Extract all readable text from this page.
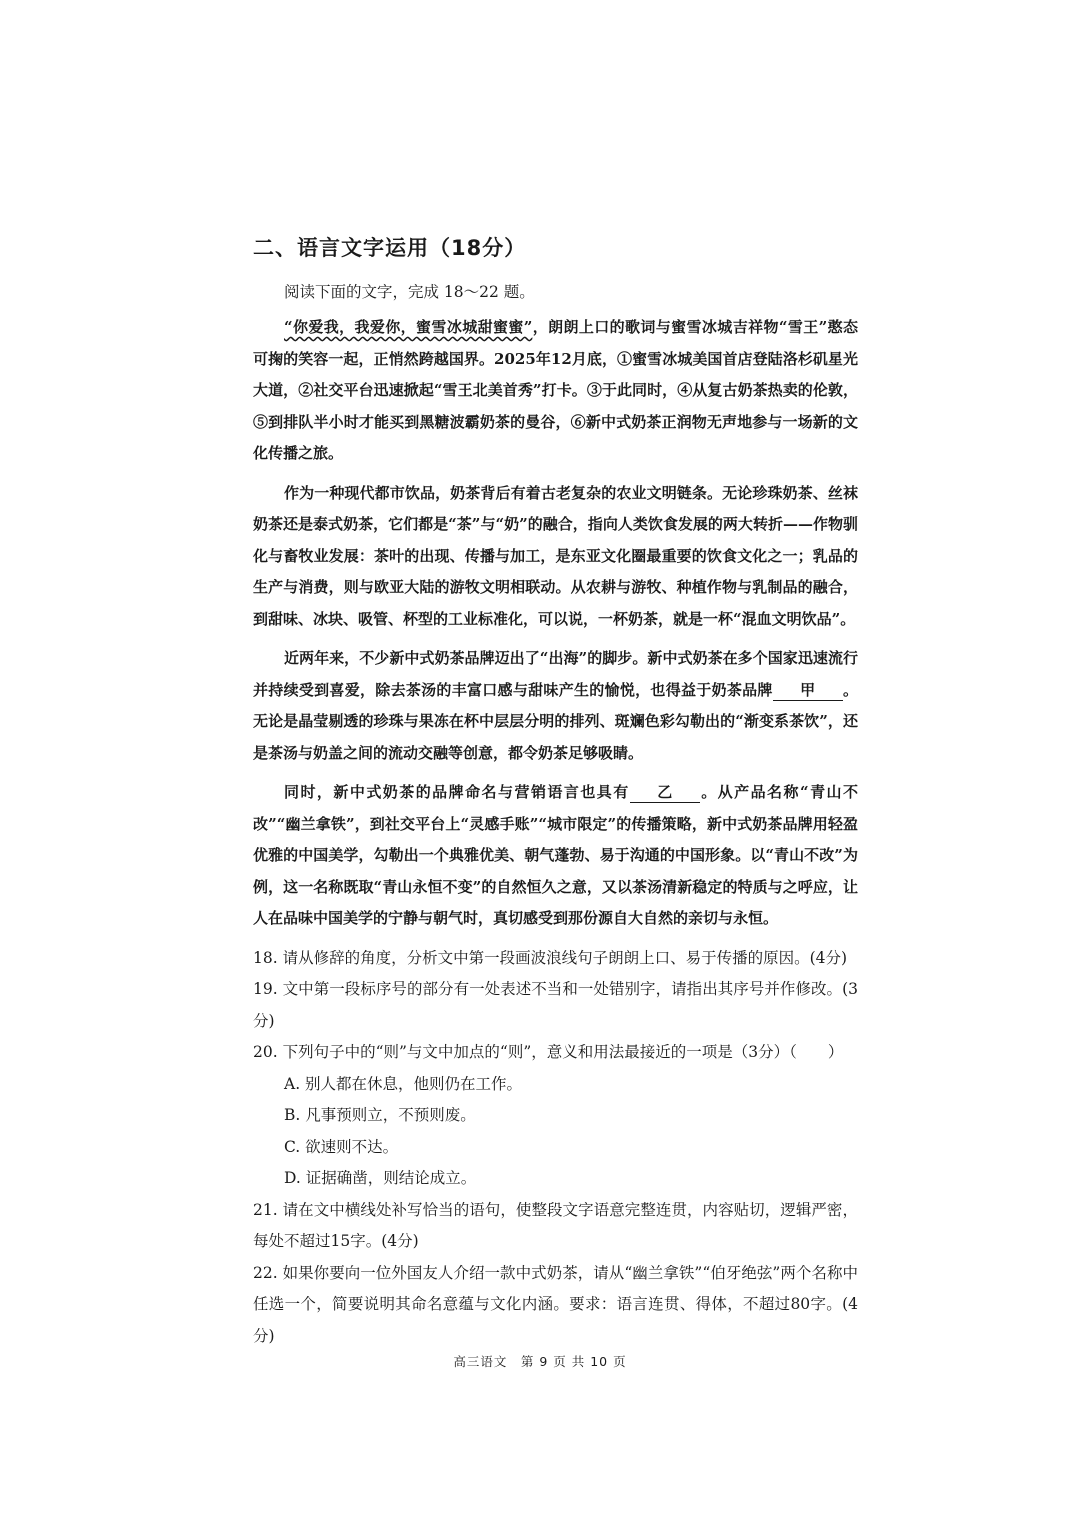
二、语言文字运用（18分）

阅读下面的文字，完成 18～22 题。

“你爱我，我爱你，蜜雪冰城甜蜜蜜”，朗朗上口的歌词与蜜雪冰城吉祥物“雪王”憨态可掬的笑容一起，正悄然跨越国界。2025年12月底，①蜜雪冰城美国首店登陆洛杉矶星光大道，②社交平台迅速掀起“雪王北美首秀”打卡。③于此同时，④从复古奶茶热卖的伦敦，⑤到排队半小时才能买到黑糖波霸奶茶的曼谷，⑥新中式奶茶正润物无声地参与一场新的文化传播之旅。

作为一种现代都市饮品，奶茶背后有着古老复杂的农业文明链条。无论珍珠奶茶、丝袜奶茶还是泰式奶茶，它们都是“茶”与“奶”的融合，指向人类饮食发展的两大转折——作物驯化与畜牧业发展：茶叶的出现、传播与加工，是东亚文化圈最重要的饮食文化之一；乳品的生产与消费，则与欧亚大陆的游牧文明相联动。从农耕与游牧、种植作物与乳制品的融合，到甜味、冰块、吸管、杯型的工业标准化，可以说，一杯奶茶，就是一杯“混血文明饮品”。

近两年来，不少新中式奶茶品牌迈出了“出海”的脚步。新中式奶茶在多个国家迅速流行并持续受到喜爱，除去茶汤的丰富口感与甜味产生的愉悦，也得益于奶茶品牌 甲 。无论是晶莹剔透的珍珠与果冻在杯中层层分明的排列、斑斓色彩勾勒出的“渐变系茶饮”，还是茶汤与奶盖之间的流动交融等创意，都令奶茶足够吸睛。

同时，新中式奶茶的品牌命名与营销语言也具有 乙 。从产品名称“青山不改”“幽兰拿铁”，到社交平台上“灵感手账”“城市限定”的传播策略，新中式奶茶品牌用轻盈优雅的中国美学，勾勒出一个典雅优美、朝气蓬勃、易于沟通的中国形象。以“青山不改”为例，这一名称既取“青山永恒不变”的自然恒久之意，又以茶汤清新稳定的特质与之呼应，让人在品味中国美学的宁静与朝气时，真切感受到那份源自大自然的亲切与永恒。

18. 请从修辞的角度，分析文中第一段画波浪线句子朗朗上口、易于传播的原因。(4分)

19. 文中第一段标序号的部分有一处表述不当和一处错别字，请指出其序号并作修改。(3分)

20. 下列句子中的“则”与文中加点的“则”，意义和用法最接近的一项是（3分）（　　）

A. 别人都在休息，他则仍在工作。

B. 凡事预则立，不预则废。

C. 欲速则不达。

D. 证据确凿，则结论成立。

21. 请在文中横线处补写恰当的语句，使整段文字语意完整连贯，内容贴切，逻辑严密，每处不超过15字。(4分)

22. 如果你要向一位外国友人介绍一款中式奶茶，请从“幽兰拿铁”“伯牙绝弦”两个名称中任选一个，简要说明其命名意蕴与文化内涵。要求：语言连贯、得体，不超过80字。(4分)

高三语文　第 9 页 共 10 页
